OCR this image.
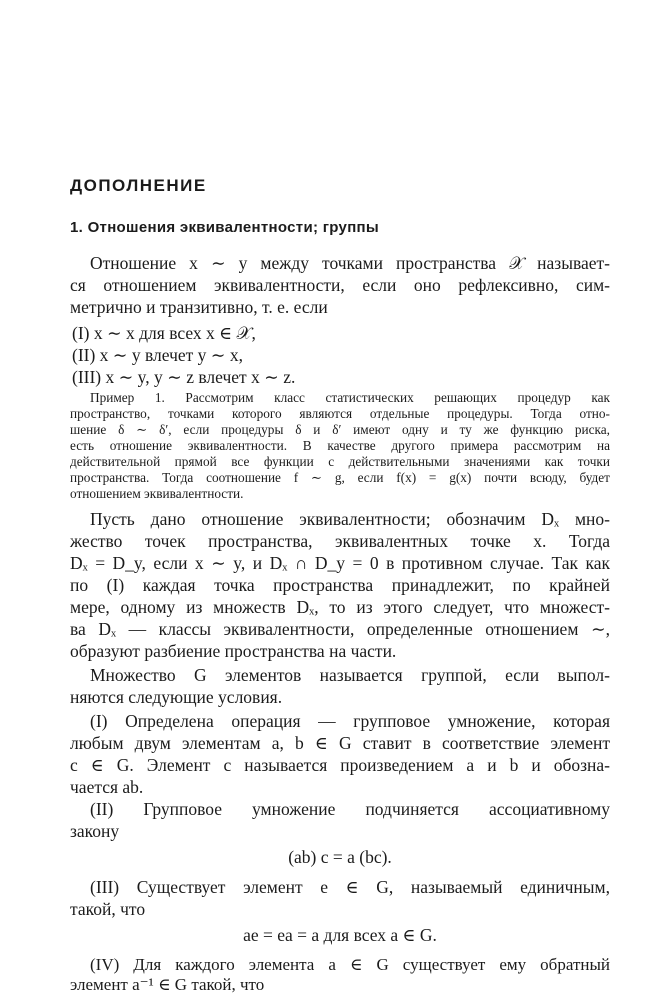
ДОПОЛНЕНИЕ
1. Отношения эквивалентности; группы

Отношение x ∼ y между точками пространства 𝒳 называет-

ся отношением эквивалентности, если оно рефлексивно, сим-

метрично и транзитивно, т. е. если

(I) x ∼ x для всех x ∈ 𝒳,

(II) x ∼ y влечет y ∼ x,

(III) x ∼ y, y ∼ z влечет x ∼ z.

Пример 1. Рассмотрим класс статистических решающих процедур как

пространство, точками которого являются отдельные процедуры. Тогда отно-

шение δ ∼ δ′, если процедуры δ и δ′ имеют одну и ту же функцию риска,

есть отношение эквивалентности. В качестве другого примера рассмотрим на

действительной прямой все функции с действительными значениями как точки

пространства. Тогда соотношение f ∼ g, если f(x) = g(x) почти всюду, будет

отношением эквивалентности.

Пусть дано отношение эквивалентности; обозначим Dₓ мно-

жество точек пространства, эквивалентных точке x. Тогда

Dₓ = D_y, если x ∼ y, и Dₓ ∩ D_y = 0 в противном случае. Так как

по (I) каждая точка пространства принадлежит, по крайней

мере, одному из множеств Dₓ, то из этого следует, что множест-

ва Dₓ — классы эквивалентности, определенные отношением ∼,

образуют разбиение пространства на части.

Множество G элементов называется группой, если выпол-

няются следующие условия.

(I) Определена операция — групповое умножение, которая

любым двум элементам a, b ∈ G ставит в соответствие элемент

c ∈ G. Элемент c называется произведением a и b и обозна-

чается ab.

(II) Групповое умножение подчиняется ассоциативному

закону

(ab) c = a (bc).

(III) Существует элемент e ∈ G, называемый единичным,

такой, что

ae = ea = a для всех a ∈ G.

(IV) Для каждого элемента a ∈ G существует ему обратный

элемент a⁻¹ ∈ G такой, что
